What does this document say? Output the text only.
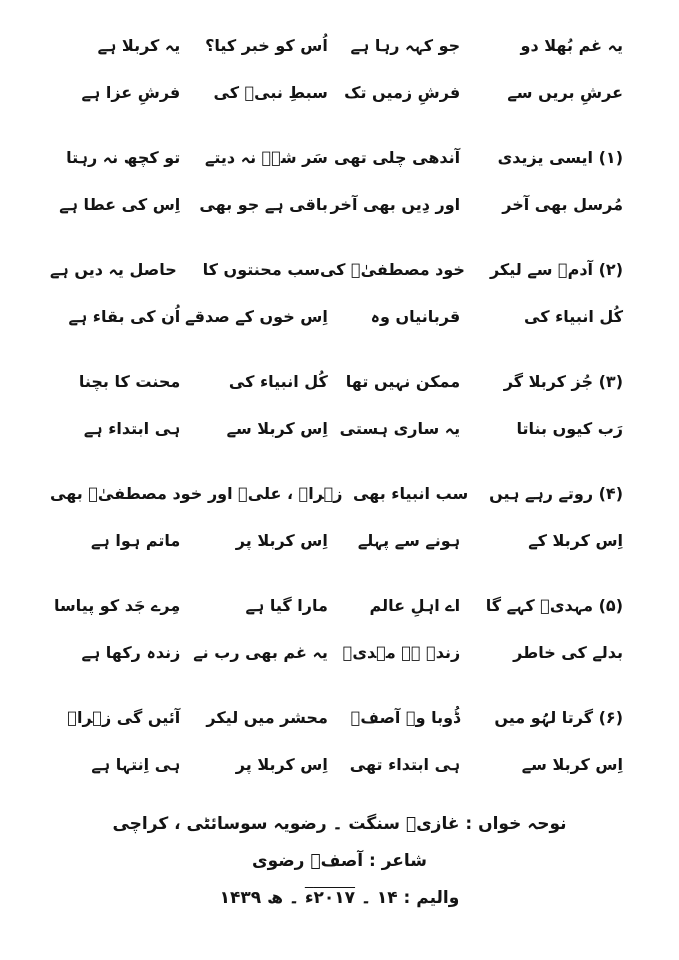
یہ غم بُھلا دو
جو کہہ رہا ہے
اُس کو خبر کیا؟
یہ کربلا ہے
عرشِ بریں سے
فرشِ زمیں تک
سبطِ نبیؐ کی
فرشِ عزا ہے
(۱) ایسی یزیدی
آندھی چلی تھی
سَر شہؑ نہ دیتے
تو کچھ نہ رہتا
مُرسل بھی آخر
اور دِیں بھی آخر
باقی ہے جو بھی
اِس کی عطا ہے
(۲) آدمؑ سے لیکر
خود مصطفیٰؐ کی
سب محنتوں کا
حاصل یہ دیں ہے
کُل انبیاء کی
قربانیاں وہ
اِس خوں کے صدقے
اُن کی بقاء ہے
(۳) جُز کربلا گر
ممکن نہیں تھا
کُل انبیاء کی
محنت کا بچنا
رَب کیوں بناتا
یہ ساری ہستی
اِس کربلا سے
ہی ابتداء ہے
(۴) روتے رہے ہیں
سب انبیاء بھی
زہراؑ ، علیؑ اور
خود مصطفیٰؐ بھی
اِس کربلا کے
ہونے سے پہلے
اِس کربلا پر
ماتم ہوا ہے
(۵) مہدیؑ کہے گا
اے اہلِ عالم
مارا گیا ہے
مِرے جَد کو پیاسا
بدلے کی خاطر
زندہ ہے مہدیؑ
یہ غم بھی رب نے
زندہ رکھا ہے
(۶) گرتا لہُو میں
ڈُوبا وہ آصفؔ
محشر میں لیکر
آئیں گی زہراؑ
اِس کربلا سے
ہی ابتداء تھی
اِس کربلا پر
ہی اِنتہا ہے
نوحہ خواں : غازیؔ سنگت ۔ رضویہ سوسائٹی ، کراچی
شاعر : آصفؔ رضوی
والیم : ۱۴ ۔ ۲۰۱۷ء ۔ ھ ۱۴۳۹
